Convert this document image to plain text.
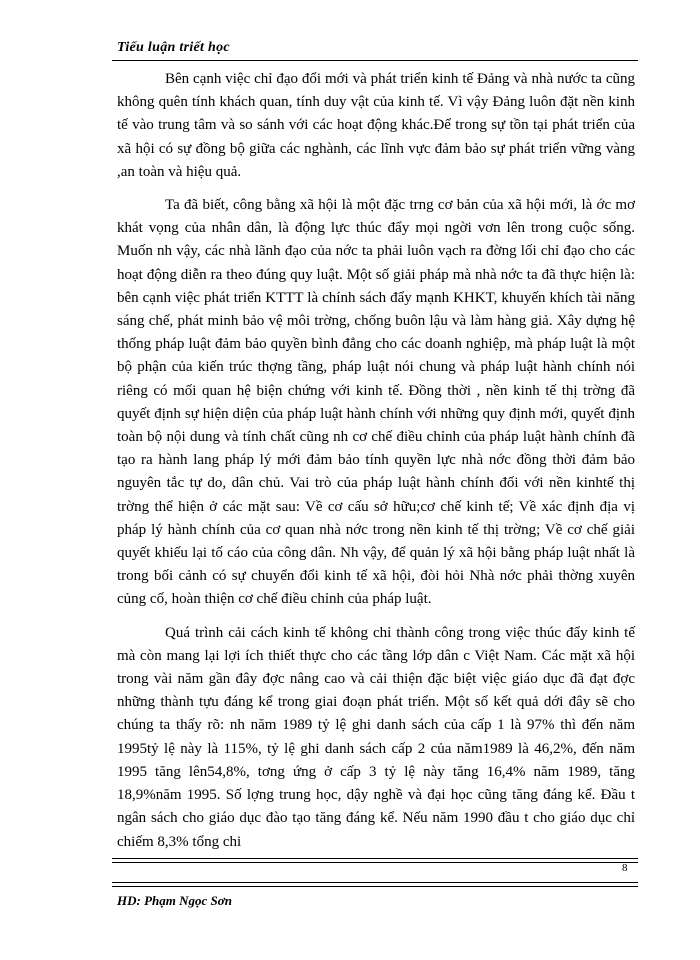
Tiểu luận triết học

Bên cạnh việc chỉ đạo đổi mới và phát triển kinh tế Đảng và nhà nước ta cũng không quên tính khách quan, tính duy vật của kinh tế. Vì vậy Đảng luôn đặt nền kinh tế vào trung tâm và so sánh với các hoạt động khác.Để trong sự tồn tại phát triển của xã hội có sự đồng bộ giữa các nghành, các lĩnh vực đảm bảo sự phát triển vững vàng ,an toàn và hiệu quả.

Ta đã biết, công bằng xã hội là một đặc trng cơ bản của xã hội mới, là ớc mơ khát vọng của nhân dân, là động lực thúc đẩy mọi ngời vơn lên trong cuộc sống. Muốn nh vậy, các nhà lãnh đạo của nớc ta phải luôn vạch ra đờng lối chỉ đạo cho các hoạt động diễn ra theo đúng quy luật. Một số giải pháp mà nhà nớc ta đã thực hiện là: bên cạnh việc phát triển KTTT là chính sách đẩy mạnh KHKT, khuyến khích tài năng sáng chế, phát minh bảo vệ môi trờng, chống buôn lậu và làm hàng giả. Xây dựng hệ thống pháp luật đảm bảo quyền bình đẳng cho các doanh nghiệp, mà pháp luật là một bộ phận của kiến trúc thợng tầng, pháp luật nói chung và pháp luật hành chính nói riêng có mối quan hệ biện chứng với kinh tế. Đồng thời , nền kinh tế thị trờng đã quyết định sự hiện diện của pháp luật hành chính với những quy định mới, quyết định toàn bộ nội dung và tính chất cũng nh cơ chế điều chỉnh của pháp luật hành chính đã tạo ra hành lang pháp lý mới đảm bảo tính quyền lực nhà nớc đồng thời đảm bảo nguyên tắc tự do, dân chủ. Vai trò của pháp luật hành chính đối với nền kinhtế thị trờng thể hiện ở các mặt sau: Về cơ cấu sở hữu;cơ chế kinh tế; Về xác định địa vị pháp lý hành chính của cơ quan nhà nớc trong nền kinh tế thị trờng; Về cơ chế giải quyết khiếu lại tố cáo của công dân. Nh vậy, để quản lý xã hội bằng pháp luật nhất là trong bối cảnh có sự chuyển đổi kinh tế xã hội, đòi hỏi Nhà nớc phải thờng xuyên củng cố, hoàn thiện cơ chế điều chỉnh của pháp luật.

Quá trình cải cách kinh tế không chỉ thành công trong việc thúc đẩy kinh tế mà còn mang lại lợi ích thiết thực cho các tầng lớp dân c Việt Nam. Các mặt xã hội trong vài năm gần đây đợc nâng cao và cải thiện đặc biệt việc giáo dục đã đạt đợc những thành tựu đáng kể trong giai đoạn phát triển. Một số kết quả dới đây sẽ cho chúng ta thấy rõ: nh năm 1989 tỷ lệ ghi danh sách của cấp 1 là 97% thì đến năm 1995tỷ lệ này là 115%, tỷ lệ ghi danh sách cấp 2 của năm1989 là 46,2%, đến năm 1995 tăng lên54,8%, tơng ứng ở cấp 3 tỷ lệ này tăng 16,4% năm 1989, tăng 18,9%năm 1995. Số lợng trung học, dậy nghề và đại học cũng tăng đáng kể. Đầu t ngân sách cho giáo dục đào tạo tăng đáng kể. Nếu năm 1990 đầu t cho giáo dục chỉ chiếm 8,3% tổng chi

8
HD: Phạm Ngọc Sơn
